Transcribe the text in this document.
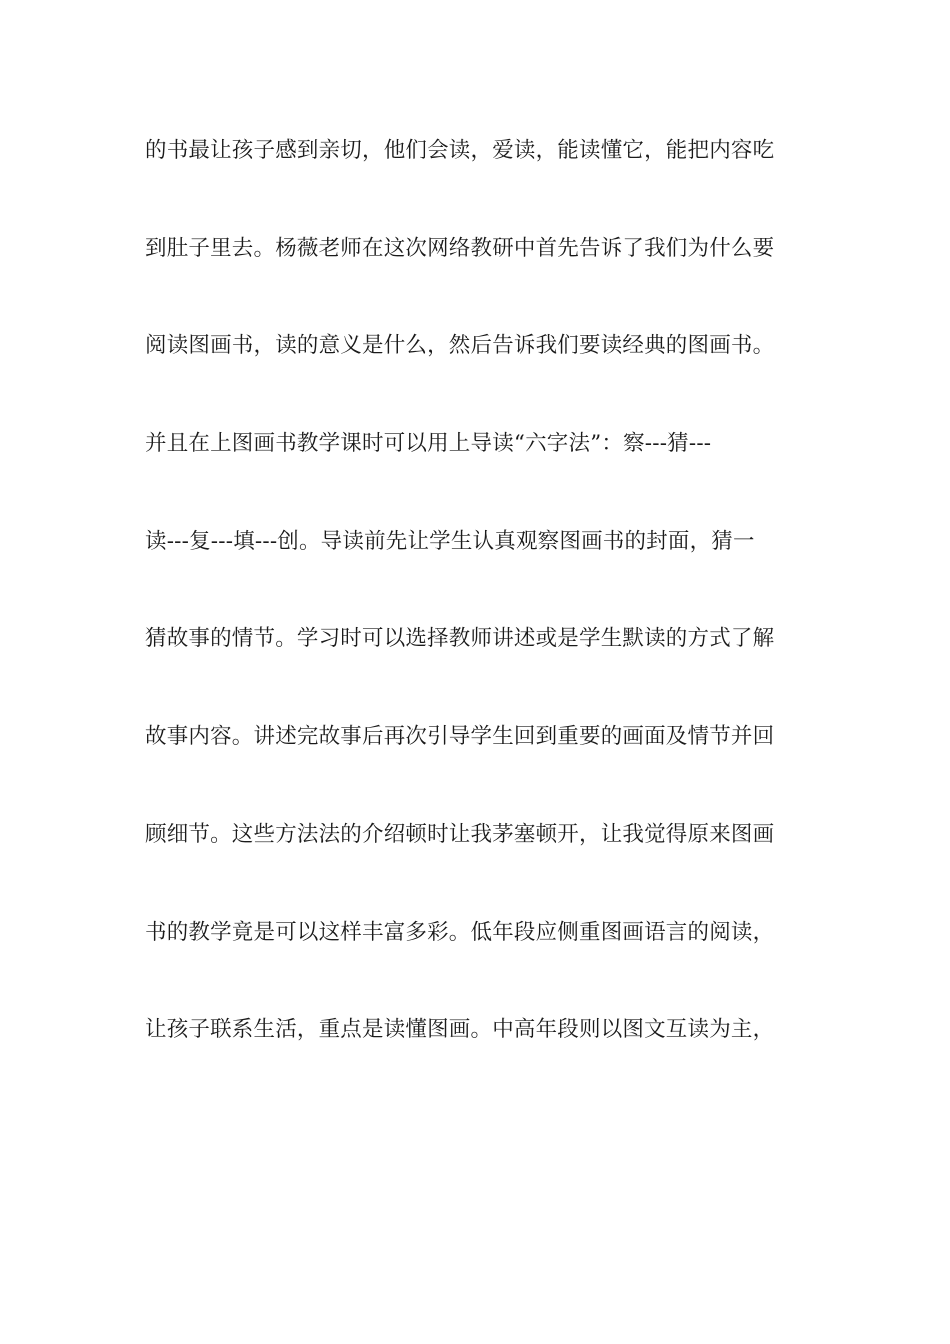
的书最让孩子感到亲切，他们会读，爱读，能读懂它，能把内容吃
到肚子里去。杨薇老师在这次网络教研中首先告诉了我们为什么要
阅读图画书，读的意义是什么，然后告诉我们要读经典的图画书。
并且在上图画书教学课时可以用上导读“六字法”：察---猜---
读---复---填---创。导读前先让学生认真观察图画书的封面，猜一
猜故事的情节。学习时可以选择教师讲述或是学生默读的方式了解
故事内容。讲述完故事后再次引导学生回到重要的画面及情节并回
顾细节。这些方法法的介绍顿时让我茅塞顿开，让我觉得原来图画
书的教学竟是可以这样丰富多彩。低年段应侧重图画语言的阅读，
让孩子联系生活，重点是读懂图画。中高年段则以图文互读为主，
